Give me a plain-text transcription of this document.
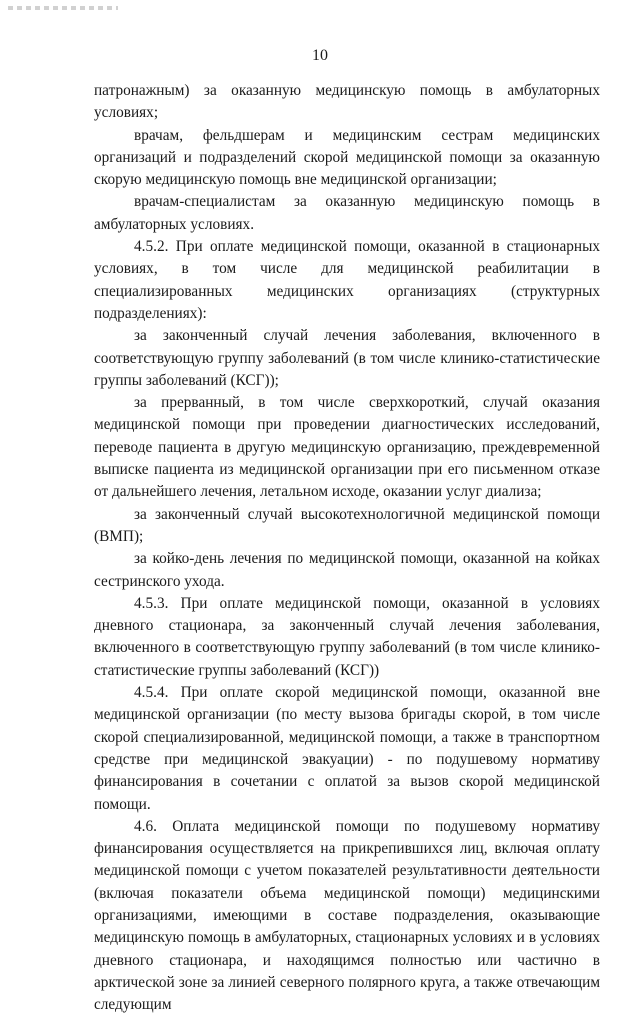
10

патронажным) за оказанную медицинскую помощь в амбулаторных условиях;

врачам, фельдшерам и медицинским сестрам медицинских организаций и подразделений скорой медицинской помощи за оказанную скорую медицинскую помощь вне медицинской организации;

врачам-специалистам за оказанную медицинскую помощь в амбулаторных условиях.

4.5.2. При оплате медицинской помощи, оказанной в стационарных условиях, в том числе для медицинской реабилитации в специализированных медицинских организациях (структурных подразделениях):

за законченный случай лечения заболевания, включенного в соответствующую группу заболеваний (в том числе клинико-статистические группы заболеваний (КСГ));

за прерванный, в том числе сверхкороткий, случай оказания медицинской помощи при проведении диагностических исследований, переводе пациента в другую медицинскую организацию, преждевременной выписке пациента из медицинской организации при его письменном отказе от дальнейшего лечения, летальном исходе, оказании услуг диализа;

за законченный случай высокотехнологичной медицинской помощи (ВМП);

за койко-день лечения по медицинской помощи, оказанной на койках сестринского ухода.

4.5.3. При оплате медицинской помощи, оказанной в условиях дневного стационара, за законченный случай лечения заболевания, включенного в соответствующую группу заболеваний (в том числе клинико-статистические группы заболеваний (КСГ))

4.5.4. При оплате скорой медицинской помощи, оказанной вне медицинской организации (по месту вызова бригады скорой, в том числе скорой специализированной, медицинской помощи, а также в транспортном средстве при медицинской эвакуации) - по подушевому нормативу финансирования в сочетании с оплатой за вызов скорой медицинской помощи.

4.6. Оплата медицинской помощи по подушевому нормативу финансирования осуществляется на прикрепившихся лиц, включая оплату медицинской помощи с учетом показателей результативности деятельности (включая показатели объема медицинской помощи) медицинскими организациями, имеющими в составе подразделения, оказывающие медицинскую помощь в амбулаторных, стационарных условиях и в условиях дневного стационара, и находящимся полностью или частично в арктической зоне за линией северного полярного круга, а также отвечающим следующим
